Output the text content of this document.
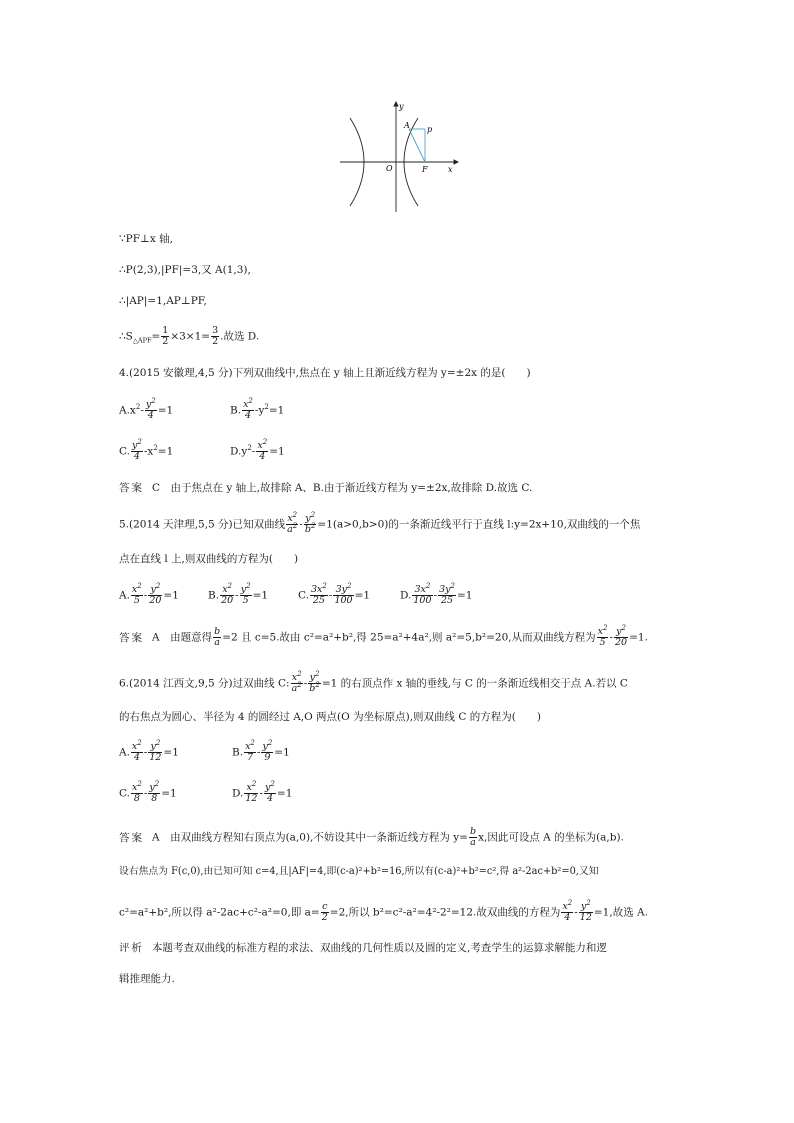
y
x
O	F
A p
∵PF⊥x 轴,
∴P(2,3),|PF|=3,又 A(1,3),
∴|AP|=1,AP⊥PF,
$\therefore S_{\triangle APF}= \frac{1}{2} \times 3\times 1= \frac{3}{2}$ .故选 D.
4.(2015 安徽理,4,5 分)下列双曲线中,焦点在 y 轴上且渐近线方程为 y=±2x 的是(　　)
$A.x^2- \frac{y^2}{4} =1$	B. $\frac{x^2}{4} -y^2=1$
C. $\frac{y^2}{4} -x^2=1$	$D.y^2- \frac{x^2}{4} =1$
答案 C　由于焦点在 y 轴上,故排除 A、B.由于渐近线方程为 y=±2x,故排除 D.故选 C.
5.(2014 天津理,5,5 分)已知双曲线 $\frac{x^2}{a^2} - \frac{y^2}{b^2} =1(a>0,b>0)$的一条渐近线平行于直线 l:y=2x+10,双曲线的一个焦
点在直线 l 上,则双曲线的方程为(　　)
A. $\frac{x^2}{5} - \frac{y^2}{20} =1$	B. $\frac{x^2}{20} - \frac{y^2}{5} =1$	C. $\frac{3x^2}{25} - \frac{3y^2}{100} =1$	D. $\frac{3x^2}{100} - \frac{3y^2}{25} =1$
答案 A　由题意得 $\frac{b}{a} =2$ 且 c=5.故由 c²=a²+b²,得 25=a²+4a²,则 a²=5,b²=20,从而双曲线方程为 $\frac{x^2}{5} - \frac{y^2}{20} =1$.
6.(2014 江西文,9,5 分)过双曲线 C: $\frac{x^2}{a^2} - \frac{y^2}{b^2} =1$ 的右顶点作 x 轴的垂线,与 C 的一条渐近线相交于点 A.若以 C
的右焦点为圆心、半径为 4 的圆经过 A,O 两点(O 为坐标原点),则双曲线 C 的方程为(　　)
A. $\frac{x^2}{4} - \frac{y^2}{12} =1$	B. $\frac{x^2}{7} - \frac{y^2}{9} =1$
C. $\frac{x^2}{8} - \frac{y^2}{8} =1$	D. $\frac{x^2}{12} - \frac{y^2}{4} =1$
答案 A　由双曲线方程知右顶点为(a,0),不妨设其中一条渐近线方程为 $y= \frac{b}{a} x$,因此可设点 A 的坐标为(a,b).
设右焦点为 F(c,0),由已知可知 c=4,且|AF|=4,即(c-a)²+b²=16,所以有(c-a)²+b²=c²,得 a²-2ac+b²=0,又知
c²=a²+b²,所以得 a²-2ac+c²-a²=0,即 $a= \frac{c}{2} =2$,所以 b²=c²-a²=4²-2²=12.故双曲线的方程为 $\frac{x^2}{4} - \frac{y^2}{12} =1$,故选 A.
评析 本题考查双曲线的标准方程的求法、双曲线的几何性质以及圆的定义,考查学生的运算求解能力和逻
辑推理能力.
